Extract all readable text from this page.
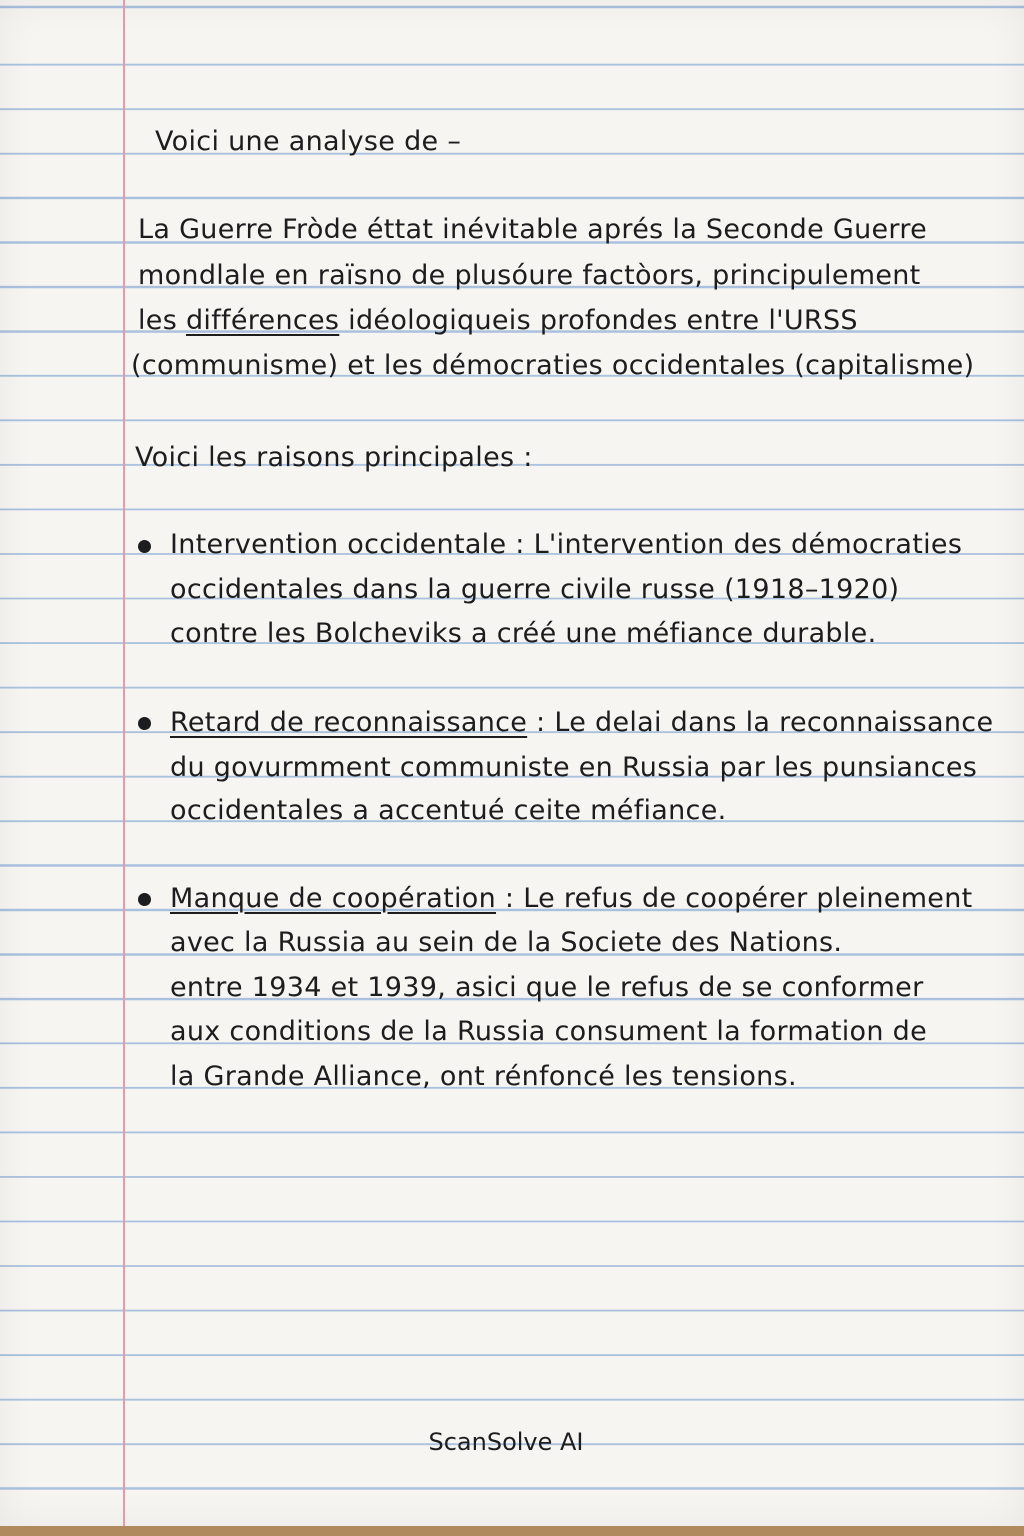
Voici une analyse de –
La Guerre Fròde éttat inévitable aprés la Seconde Guerre
mondlale en raïsno de plusóure factòors, principulement
les différences idéologiqueis profondes entre l'URSS
(communisme) et les démocraties occidentales (capitalisme)
Voici les raisons principales :
Intervention occidentale : L'intervention des démocraties
occidentales dans la guerre civile russe (1918–1920)
contre les Bolcheviks a créé une méfiance durable.
Retard de reconnaissance : Le delai dans la reconnaissance
du govurmment communiste en Russia par les punsiances
occidentales a accentué ceite méfiance.
Manque de coopération : Le refus de coopérer pleinement
avec la Russia au sein de la Societe des Nations.
entre 1934 et 1939, asici que le refus de se conformer
aux conditions de la Russia consument la formation de
la Grande Alliance, ont rénfoncé les tensions.
ScanSolve AI
